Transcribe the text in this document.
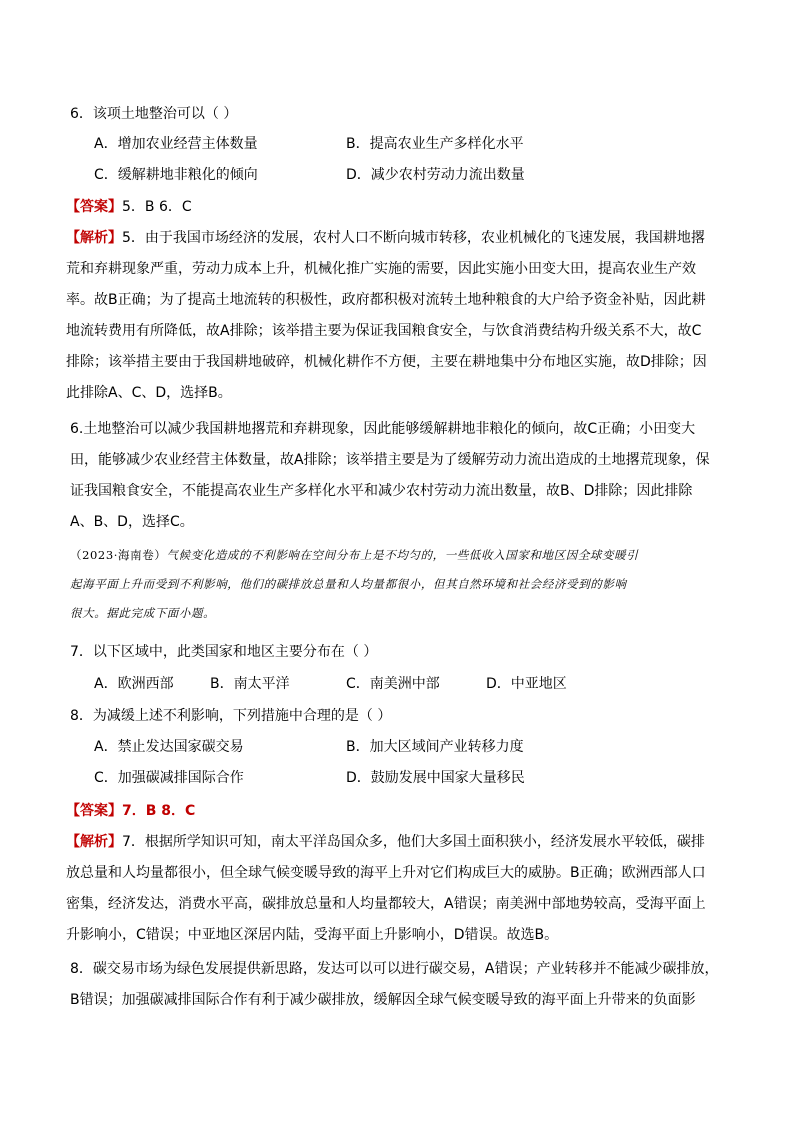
6．该项土地整治可以（ ）
A．增加农业经营主体数量	B．提高农业生产多样化水平
C．缓解耕地非粮化的倾向	D．减少农村劳动力流出数量
【答案】5．B 6．C
【解析】5．由于我国市场经济的发展，农村人口不断向城市转移，农业机械化的飞速发展，我国耕地撂
荒和弃耕现象严重，劳动力成本上升，机械化推广实施的需要，因此实施小田变大田，提高农业生产效
率。故B正确；为了提高土地流转的积极性，政府都积极对流转土地种粮食的大户给予资金补贴，因此耕
地流转费用有所降低，故A排除；该举措主要为保证我国粮食安全，与饮食消费结构升级关系不大，故C
排除；该举措主要由于我国耕地破碎，机械化耕作不方便，主要在耕地集中分布地区实施，故D排除；因
此排除A、C、D，选择B。
6.土地整治可以减少我国耕地撂荒和弃耕现象，因此能够缓解耕地非粮化的倾向，故C正确；小田变大
田，能够减少农业经营主体数量，故A排除；该举措主要是为了缓解劳动力流出造成的土地撂荒现象，保
证我国粮食安全，不能提高农业生产多样化水平和减少农村劳动力流出数量，故B、D排除；因此排除
A、B、D，选择C。
（2023·海南卷）气候变化造成的不利影响在空间分布上是不均匀的，一些低收入国家和地区因全球变暖引
起海平面上升而受到不利影响，他们的碳排放总量和人均量都很小，但其自然环境和社会经济受到的影响
很大。据此完成下面小题。
7．以下区域中，此类国家和地区主要分布在（ ）
A．欧洲西部	B．南太平洋	C．南美洲中部	D．中亚地区
8．为减缓上述不利影响，下列措施中合理的是（ ）
A．禁止发达国家碳交易	B．加大区域间产业转移力度
C．加强碳减排国际合作	D．鼓励发展中国家大量移民
【答案】7．B 8．C
【解析】7．根据所学知识可知，南太平洋岛国众多，他们大多国土面积狭小，经济发展水平较低，碳排
放总量和人均量都很小，但全球气候变暖导致的海平上升对它们构成巨大的威胁。B正确；欧洲西部人口
密集，经济发达，消费水平高，碳排放总量和人均量都较大，A错误；南美洲中部地势较高，受海平面上
升影响小，C错误；中亚地区深居内陆，受海平面上升影响小，D错误。故选B。
8．碳交易市场为绿色发展提供新思路，发达可以可以进行碳交易，A错误；产业转移并不能减少碳排放，
B错误；加强碳减排国际合作有利于减少碳排放，缓解因全球气候变暖导致的海平面上升带来的负面影
